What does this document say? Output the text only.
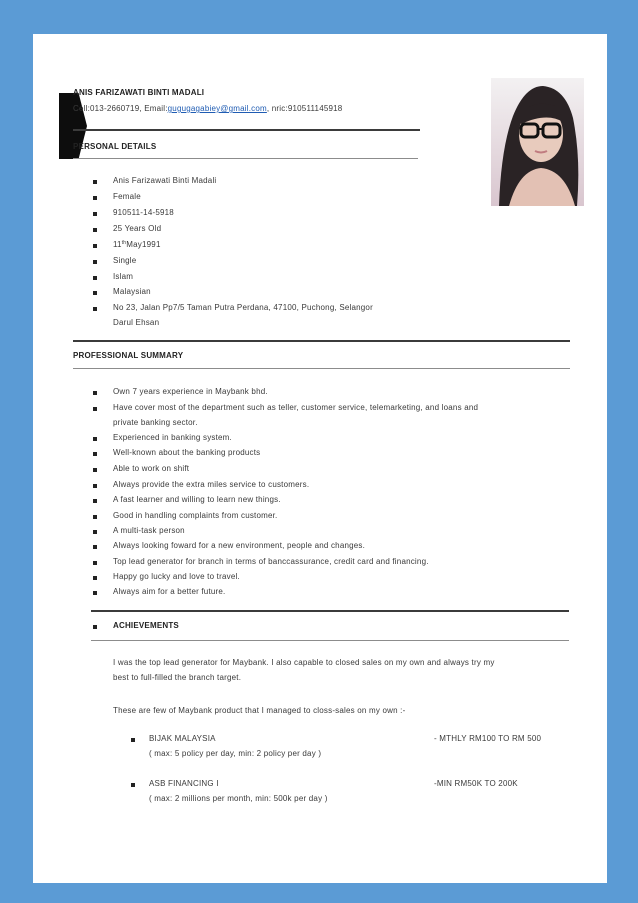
ANIS FARIZAWATI BINTI MADALI
Cell:013-2660719, Email:gugugagabiey@gmail.com, nric:910511145918
PERSONAL DETAILS
Anis Farizawati Binti Madali
Female
910511-14-5918
25 Years Old
11thMay1991
Single
Islam
Malaysian
No 23, Jalan Pp7/5 Taman Putra Perdana, 47100, Puchong, Selangor
Darul Ehsan
PROFESSIONAL SUMMARY
Own 7 years experience in Maybank bhd.
Have cover most of the department such as teller, customer service, telemarketing, and loans and
Experienced in banking system.
Well-known about the banking products
Able to work on shift
Always provide the extra miles service to customers.
A fast learner and willing to learn new things.
Good in handling complaints from customer.
A multi-task person
Always looking foward for a new environment, people and changes.
Top lead generator for branch in terms of banccassurance, credit card and financing.
Happy go lucky and love to travel.
Always aim for a better future.
private banking sector.
ACHIEVEMENTS
I was the top lead generator for Maybank. I also capable to closed sales on my own and always try my
best to full-filled the branch target.
These are few of Maybank product that I managed to closs-sales on my own :-
BIJAK MALAYSIA	- MTHLY RM100 TO RM 500
( max: 5 policy per day, min: 2 policy per day )
ASB FINANCING I	-MIN RM50K TO 200K
( max: 2 millions per month, min: 500k per day )
